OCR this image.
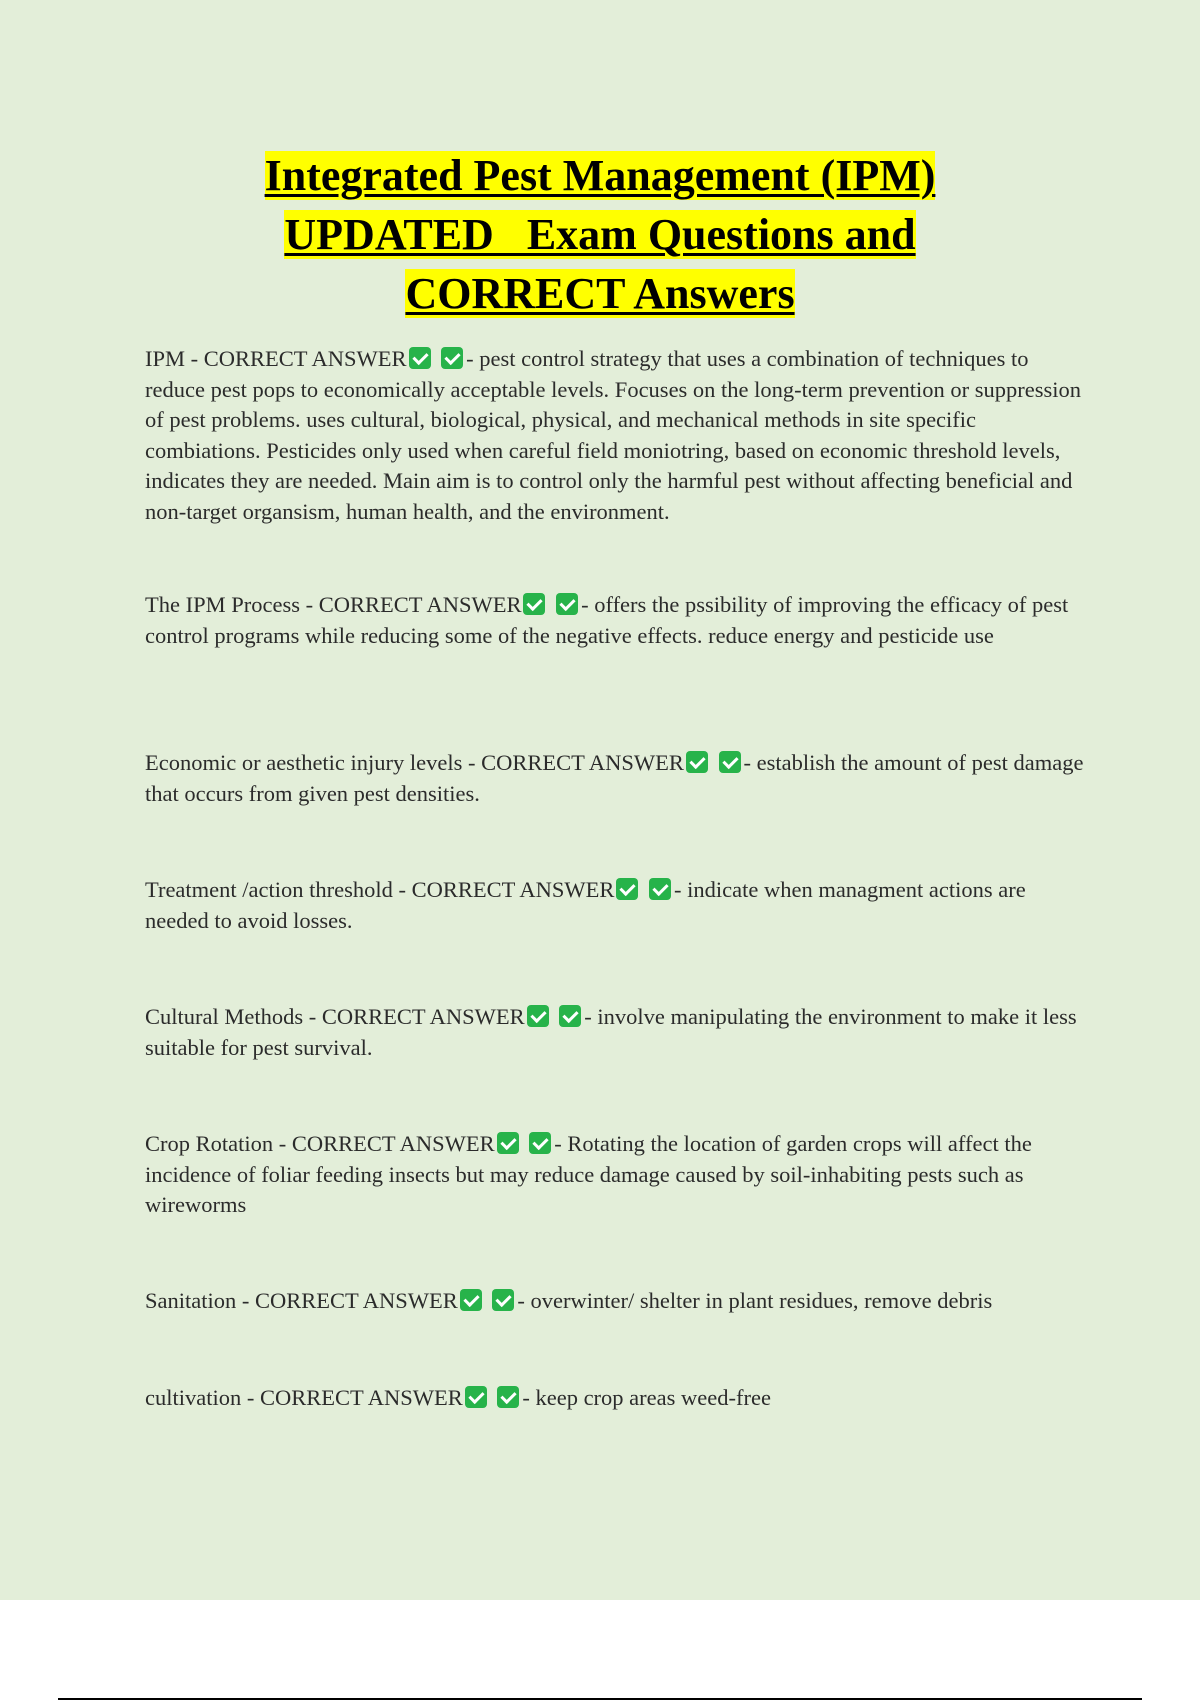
Integrated Pest Management (IPM)
UPDATED   Exam Questions and
CORRECT Answers
IPM - CORRECT ANSWER	- pest control strategy that uses a combination of techniques to reduce pest pops to economically acceptable levels. Focuses on the long-term prevention or suppression of pest problems. uses cultural, biological, physical, and mechanical methods in site specific combiations. Pesticides only used when careful field moniotring, based on economic threshold levels, indicates they are needed. Main aim is to control only the harmful pest without affecting beneficial and non-target organsism, human health, and the environment.
The IPM Process - CORRECT ANSWER	- offers the pssibility of improving the efficacy of pest control programs while reducing some of the negative effects. reduce energy and pesticide use
Economic or aesthetic injury levels - CORRECT ANSWER	- establish the amount of pest damage that occurs from given pest densities.
Treatment /action threshold - CORRECT ANSWER	- indicate when managment actions are needed to avoid losses.
Cultural Methods - CORRECT ANSWER	- involve manipulating the environment to make it less suitable for pest survival.
Crop Rotation - CORRECT ANSWER	- Rotating the location of garden crops will affect the incidence of foliar feeding insects but may reduce damage caused by soil-inhabiting pests such as wireworms
Sanitation - CORRECT ANSWER	- overwinter/ shelter in plant residues, remove debris
cultivation - CORRECT ANSWER	- keep crop areas weed-free
